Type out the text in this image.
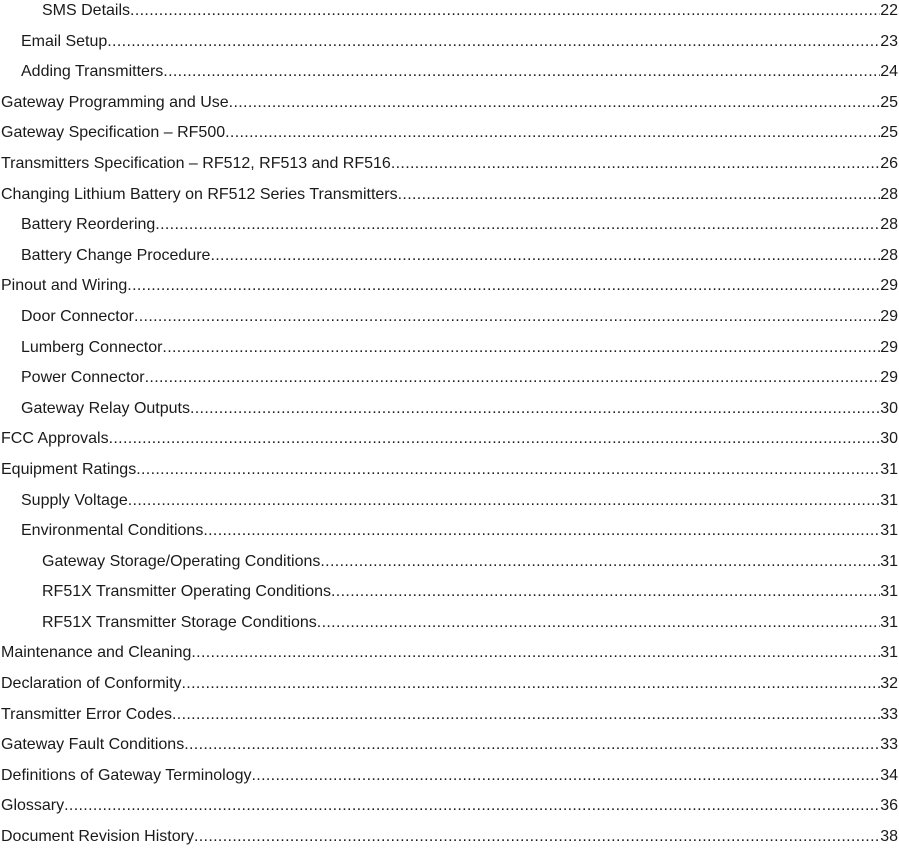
SMS Details .....	22
Email Setup .....	23
Adding Transmitters .....	24
Gateway Programming and Use .....	25
Gateway Specification – RF500 .....	25
Transmitters Specification – RF512, RF513 and RF516 .....	26
Changing Lithium Battery on RF512 Series Transmitters .....	28
Battery Reordering .....	28
Battery Change Procedure .....	28
Pinout and Wiring .....	29
Door Connector .....	29
Lumberg Connector .....	29
Power Connector .....	29
Gateway Relay Outputs .....	30
FCC Approvals .....	30
Equipment Ratings .....	31
Supply Voltage .....	31
Environmental Conditions .....	31
Gateway Storage/Operating Conditions .....	31
RF51X Transmitter Operating Conditions .....	31
RF51X Transmitter Storage Conditions .....	31
Maintenance and Cleaning .....	31
Declaration of Conformity .....	32
Transmitter Error Codes .....	33
Gateway Fault Conditions .....	33
Definitions of Gateway Terminology .....	34
Glossary .....	36
Document Revision History .....	38
